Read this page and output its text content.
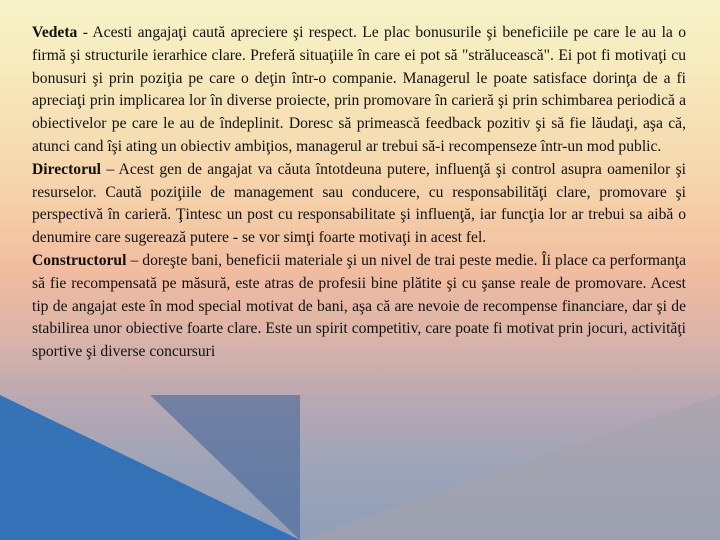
Vedeta - Acesti angajaţi caută apreciere şi respect. Le plac bonusurile şi beneficiile pe care le au la o firmă şi structurile ierarhice clare. Preferă situaţiile în care ei pot să "strălucească". Ei pot fi motivaţi cu bonusuri şi prin poziţia pe care o deţin într-o companie. Managerul le poate satisface dorinţa de a fi apreciaţi prin implicarea lor în diverse proiecte, prin promovare în carieră şi prin schimbarea periodică a obiectivelor pe care le au de îndeplinit. Doresc să primească feedback pozitiv şi să fie lăudaţi, aşa că, atunci cand îşi ating un obiectiv ambiţios, managerul ar trebui să-i recompenseze într-un mod public.

Directorul – Acest gen de angajat va căuta întotdeuna putere, influenţă şi control asupra oamenilor şi resurselor. Caută poziţiile de management sau conducere, cu responsabilităţi clare, promovare şi perspectivă în carieră. Ţintesc un post cu responsabilitate şi influenţă, iar funcţia lor ar trebui sa aibă o denumire care sugerează putere - se vor simţi foarte motivaţi in acest fel.

Constructorul – doreşte bani, beneficii materiale şi un nivel de trai peste medie. Îi place ca performanţa să fie recompensată pe măsură, este atras de profesii bine plătite şi cu şanse reale de promovare. Acest tip de angajat este în mod special motivat de bani, aşa că are nevoie de recompense financiare, dar şi de stabilirea unor obiective foarte clare. Este un spirit competitiv, care poate fi motivat prin jocuri, activităţi sportive şi diverse concursuri
